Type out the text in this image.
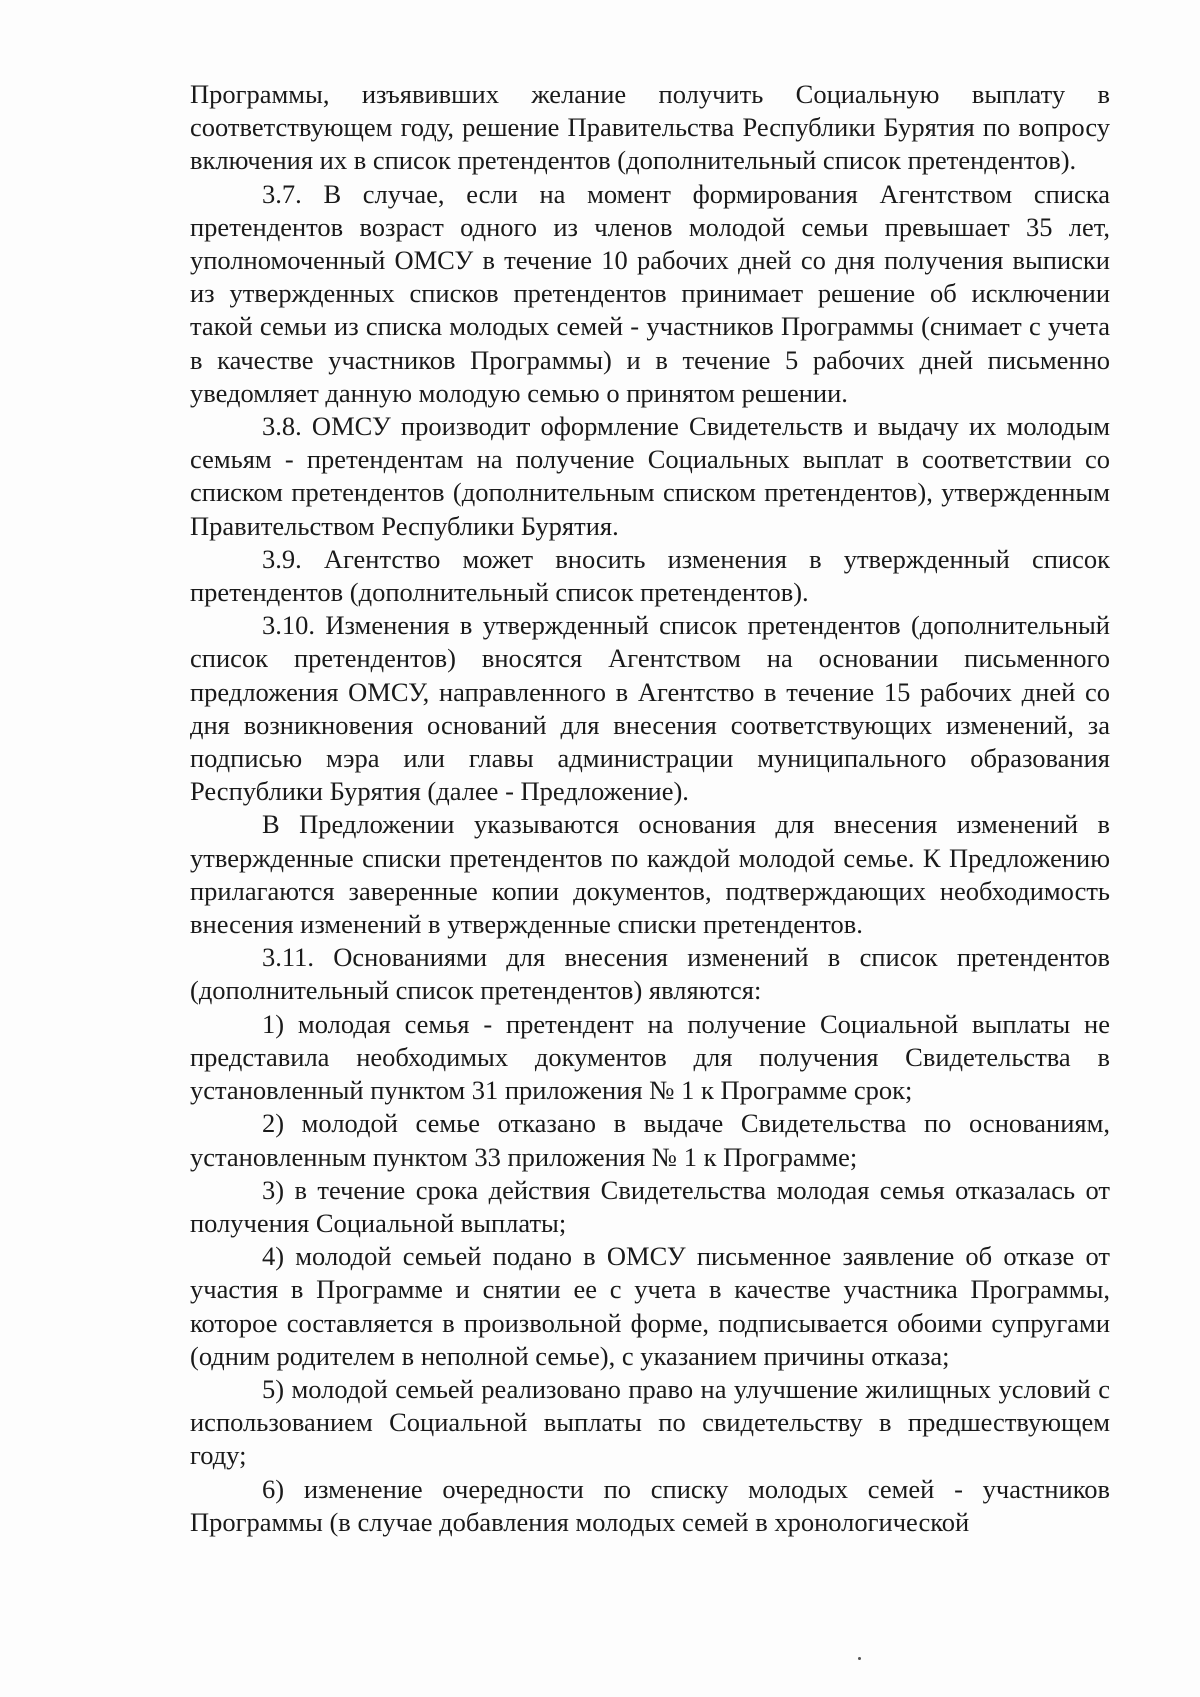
Программы, изъявивших желание получить Социальную выплату в соответствующем году, решение Правительства Республики Бурятия по вопросу включения их в список претендентов (дополнительный список претендентов).

3.7. В случае, если на момент формирования Агентством списка претендентов возраст одного из членов молодой семьи превышает 35 лет, уполномоченный ОМСУ в течение 10 рабочих дней со дня получения выписки из утвержденных списков претендентов принимает решение об исключении такой семьи из списка молодых семей - участников Программы (снимает с учета в качестве участников Программы) и в течение 5 рабочих дней письменно уведомляет данную молодую семью о принятом решении.

3.8. ОМСУ производит оформление Свидетельств и выдачу их молодым семьям - претендентам на получение Социальных выплат в соответствии со списком претендентов (дополнительным списком претендентов), утвержденным Правительством Республики Бурятия.

3.9. Агентство может вносить изменения в утвержденный список претендентов (дополнительный список претендентов).

3.10. Изменения в утвержденный список претендентов (дополнительный список претендентов) вносятся Агентством на основании письменного предложения ОМСУ, направленного в Агентство в течение 15 рабочих дней со дня возникновения оснований для внесения соответствующих изменений, за подписью мэра или главы администрации муниципального образования Республики Бурятия (далее - Предложение).

В Предложении указываются основания для внесения изменений в утвержденные списки претендентов по каждой молодой семье. К Предложению прилагаются заверенные копии документов, подтверждающих необходимость внесения изменений в утвержденные списки претендентов.

3.11. Основаниями для внесения изменений в список претендентов (дополнительный список претендентов) являются:

1) молодая семья - претендент на получение Социальной выплаты не представила необходимых документов для получения Свидетельства в установленный пунктом 31 приложения № 1 к Программе срок;

2) молодой семье отказано в выдаче Свидетельства по основаниям, установленным пунктом 33 приложения № 1 к Программе;

3) в течение срока действия Свидетельства молодая семья отказалась от получения Социальной выплаты;

4) молодой семьей подано в ОМСУ письменное заявление об отказе от участия в Программе и снятии ее с учета в качестве участника Программы, которое составляется в произвольной форме, подписывается обоими супругами (одним родителем в неполной семье), с указанием причины отказа;

5) молодой семьей реализовано право на улучшение жилищных условий с использованием Социальной выплаты по свидетельству в предшествующем году;

6) изменение очередности по списку молодых семей - участников Программы (в случае добавления молодых семей в хронологической
